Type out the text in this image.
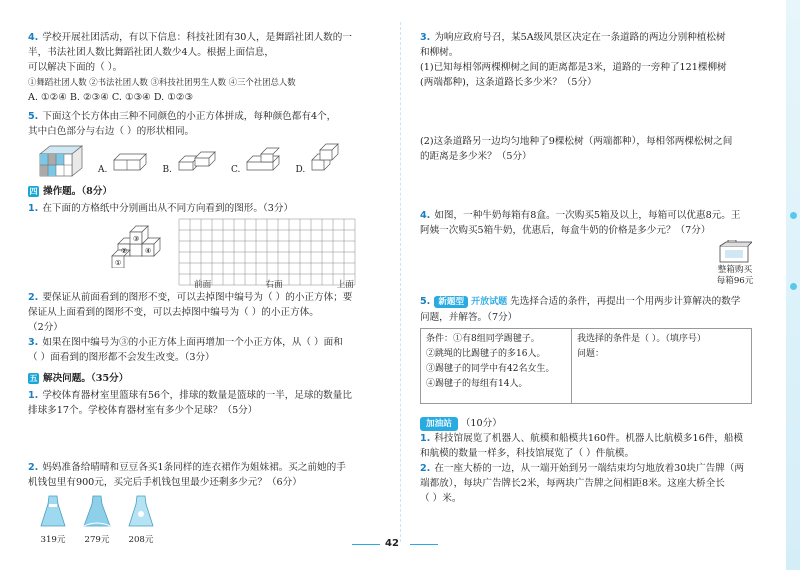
4. 学校开展社团活动，有以下信息：科技社团有30人，是舞蹈社团人数的一
半，书法社团人数比舞蹈社团人数少4人。根据上面信息，
可以解决下面的（ ）。
①舞蹈社团人数 ②书法社团人数 ③科技社团男生人数 ④三个社团总人数
A. ①②④ B. ②③④ C. ①③④ D. ①②③

5. 下面这个长方体由三种不同颜色的小正方体拼成，每种颜色都有4个，
其中白色部分与右边（ ）的形状相同。

A.	B.	C.	D.
四 操作题。（8分）

1. 在下面的方格纸中分别画出从不同方向看到的图形。（3分）

①
②
③
④
前面	右面	上面

2. 要保证从前面看到的图形不变，可以去掉图中编号为（ ）的小正方体；要
保证从上面看到的图形不变，可以去掉图中编号为（ ）的小正方体。
（2分）

3. 如果在图中编号为③的小正方体上面再增加一个小正方体，从（ ）面和
（ ）面看到的图形都不会发生改变。（3分）

五 解决问题。（35分）

1. 学校体育器材室里篮球有56个，排球的数量是篮球的一半，足球的数量比
排球多17个。学校体育器材室有多少个足球？（5分）

2. 妈妈准备给晴晴和豆豆各买1条同样的连衣裙作为姐妹裙。买之前她的手
机钱包里有900元，买完后手机钱包里最少还剩多少元？（6分）

319元 279元 208元

3. 为响应政府号召，某5A级风景区决定在一条道路的两边分别种植松树
和柳树。
(1)已知每相邻两棵柳树之间的距离都是3米，道路的一旁种了121棵柳树
(两端都种)，这条道路长多少米？（5分）

(2)这条道路另一边均匀地种了9棵松树（两端都种），每相邻两棵松树之间
的距离是多少米？（5分）

4. 如图，一种牛奶每箱有8盒。一次购买5箱及以上，每箱可以优惠8元。王
阿姨一次购买5箱牛奶，优惠后，每盒牛奶的价格是多少元？（7分）

整箱购买
每箱96元

5. 新题型 开放试题 先选择合适的条件，再提出一个用两步计算解决的数学
问题，并解答。（7分）

条件：①有8组同学踢毽子。
②跳绳的比踢毽子的多16人。
③踢毽子的同学中有42名女生。
④踢毽子的每组有14人。
我选择的条件是（ ）。（填序号）
问题：
加油站 （10分）

1. 科技馆展览了机器人、航模和船模共160件。机器人比航模多16件，船模
和航模的数量一样多，科技馆展览了（ ）件航模。

2. 在一座大桥的一边，从一端开始到另一端结束均匀地放着30块广告牌（两
端都放），每块广告牌长2米，每两块广告牌之间相距8米。这座大桥全长
（ ）米。

42
